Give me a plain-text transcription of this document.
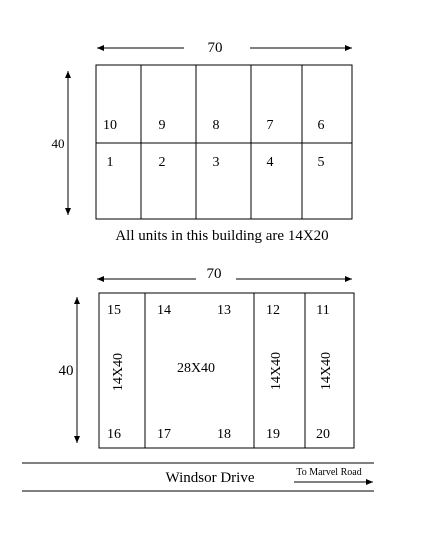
70
40
10	9	8	7	6
1	2	3	4	5
All units in this building are 14X20
70
40
15	14	13	12	11
16	17	18	19	20
14X40	28X40	14X40	14X40
Windsor Drive	To Marvel Road
